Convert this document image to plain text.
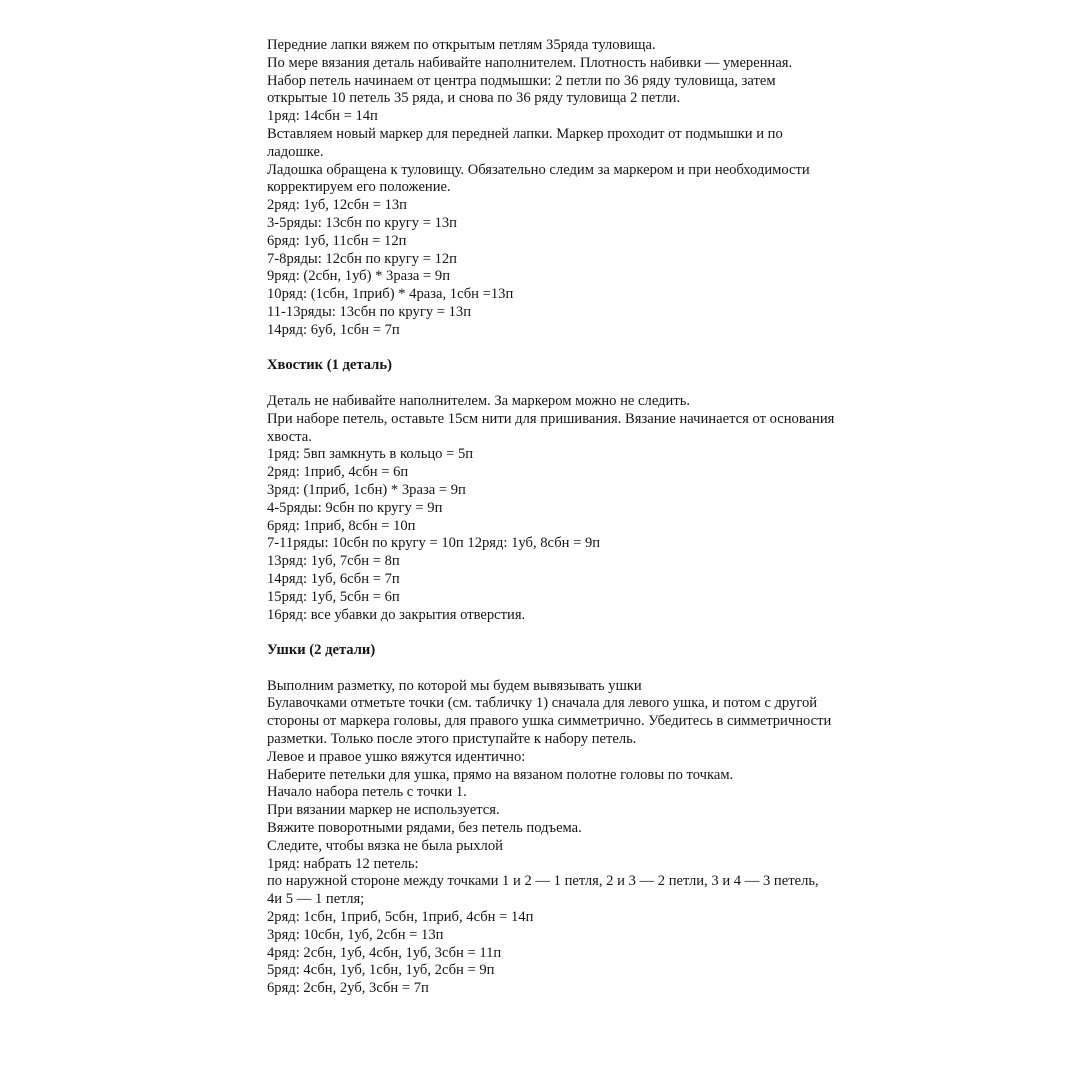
Передние лапки вяжем по открытым петлям 35ряда туловища.
По мере вязания деталь набивайте наполнителем. Плотность набивки — умеренная.
Набор петель начинаем от центра подмышки: 2 петли по 36 ряду туловища, затем
открытые 10 петель 35 ряда, и снова по 36 ряду туловища 2 петли.
1ряд: 14сбн = 14п
Вставляем новый маркер для передней лапки. Маркер проходит от подмышки и по
ладошке.
Ладошка обращена к туловищу. Обязательно следим за маркером и при необходимости
корректируем его положение.
2ряд: 1уб, 12сбн = 13п
3-5ряды: 13сбн по кругу = 13п
6ряд: 1уб, 11сбн = 12п
7-8ряды: 12сбн по кругу = 12п
9ряд: (2сбн, 1уб) * 3раза = 9п
10ряд: (1сбн, 1приб) * 4раза, 1сбн =13п
11-13ряды: 13сбн по кругу = 13п
14ряд: 6уб, 1сбн = 7п
Хвостик (1 деталь)
Деталь не набивайте наполнителем. За маркером можно не следить.
При наборе петель, оставьте 15см нити для пришивания. Вязание начинается от основания
хвоста.
1ряд: 5вп замкнуть в кольцо = 5п
2ряд: 1приб, 4сбн = 6п
3ряд: (1приб, 1сбн) * 3раза = 9п
4-5ряды: 9сбн по кругу = 9п
6ряд: 1приб, 8сбн = 10п
7-11ряды: 10сбн по кругу = 10п 12ряд: 1уб, 8сбн = 9п
13ряд: 1уб, 7сбн = 8п
14ряд: 1уб, 6сбн = 7п
15ряд: 1уб, 5сбн = 6п
16ряд: все убавки до закрытия отверстия.
Ушки (2 детали)
Выполним разметку, по которой мы будем вывязывать ушки
Булавочками отметьте точки (см. табличку 1) сначала для левого ушка, и потом с другой
стороны от маркера головы, для правого ушка симметрично. Убедитесь в симметричности
разметки. Только после этого приступайте к набору петель.
Левое и правое ушко вяжутся идентично:
Наберите петельки для ушка, прямо на вязаном полотне головы по точкам.
Начало набора петель с точки 1.
При вязании маркер не используется.
Вяжите поворотными рядами, без петель подъема.
Следите, чтобы вязка не была рыхлой
1ряд: набрать 12 петель:
по наружной стороне между точками 1 и 2 — 1 петля, 2 и 3 — 2 петли, 3 и 4 — 3 петель,
4и 5 — 1 петля;
2ряд: 1сбн, 1приб, 5сбн, 1приб, 4сбн = 14п
3ряд: 10сбн, 1уб, 2сбн = 13п
4ряд: 2сбн, 1уб, 4сбн, 1уб, 3сбн = 11п
5ряд: 4сбн, 1уб, 1сбн, 1уб, 2сбн = 9п
6ряд: 2сбн, 2уб, 3сбн = 7п
